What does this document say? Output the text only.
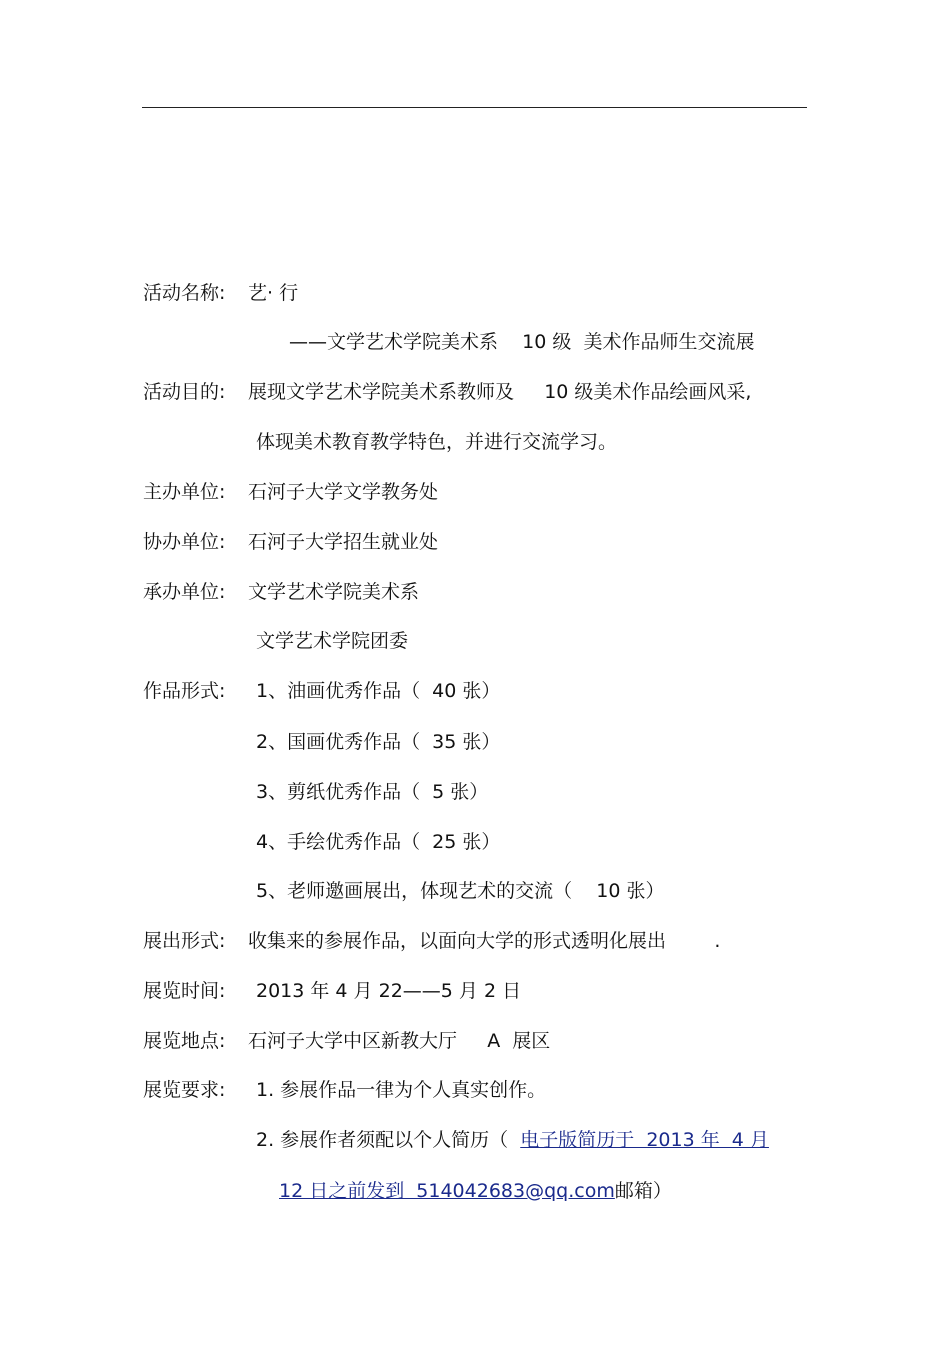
活动名称: 艺· 行
——文学艺术学院美术系    10 级  美术作品师生交流展
活动目的: 展现文学艺术学院美术系教师及     10 级美术作品绘画风采,
体现美术教育教学特色，并进行交流学习。
主办单位: 石河子大学文学教务处
协办单位: 石河子大学招生就业处
承办单位: 文学艺术学院美术系
文学艺术学院团委
作品形式: 1、油画优秀作品（  40 张）
2、国画优秀作品（  35 张）
3、剪纸优秀作品（  5 张）
4、手绘优秀作品（  25 张）
5、老师邀画展出，体现艺术的交流（    10 张）
展出形式: 收集来的参展作品，以面向大学的形式透明化展出        .
展览时间: 2013 年 4 月 22——5 月 2 日
展览地点: 石河子大学中区新教大厅     A  展区
展览要求: 1. 参展作品一律为个人真实创作。
2. 参展作者须配以个人简历（  电子版简历于  2013 年  4 月
12 日之前发到  514042683@qq.com邮箱）
